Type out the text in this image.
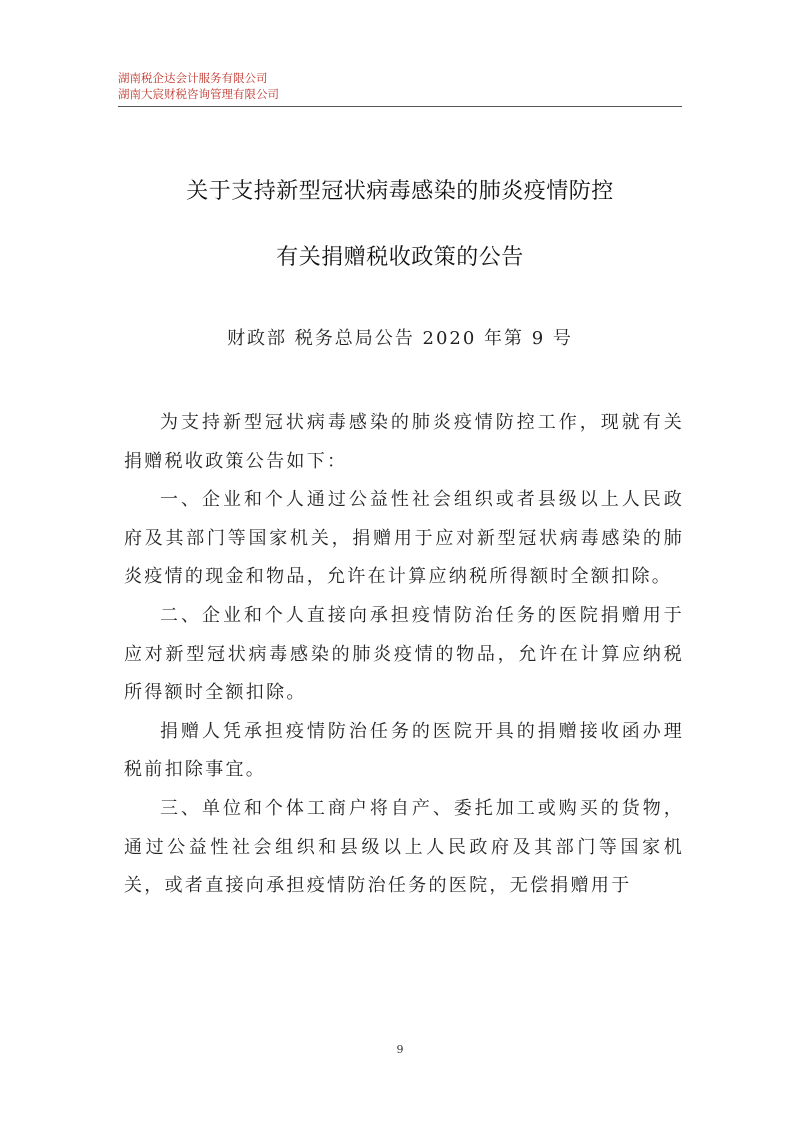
湖南税企达会计服务有限公司
湖南大宸财税咨询管理有限公司
关于支持新型冠状病毒感染的肺炎疫情防控
有关捐赠税收政策的公告
财政部 税务总局公告 2020 年第 9 号

为支持新型冠状病毒感染的肺炎疫情防控工作，现就有关捐赠税收政策公告如下：

一、企业和个人通过公益性社会组织或者县级以上人民政府及其部门等国家机关，捐赠用于应对新型冠状病毒感染的肺炎疫情的现金和物品，允许在计算应纳税所得额时全额扣除。

二、企业和个人直接向承担疫情防治任务的医院捐赠用于应对新型冠状病毒感染的肺炎疫情的物品，允许在计算应纳税所得额时全额扣除。

捐赠人凭承担疫情防治任务的医院开具的捐赠接收函办理税前扣除事宜。

三、单位和个体工商户将自产、委托加工或购买的货物，通过公益性社会组织和县级以上人民政府及其部门等国家机关，或者直接向承担疫情防治任务的医院，无偿捐赠用于

9
